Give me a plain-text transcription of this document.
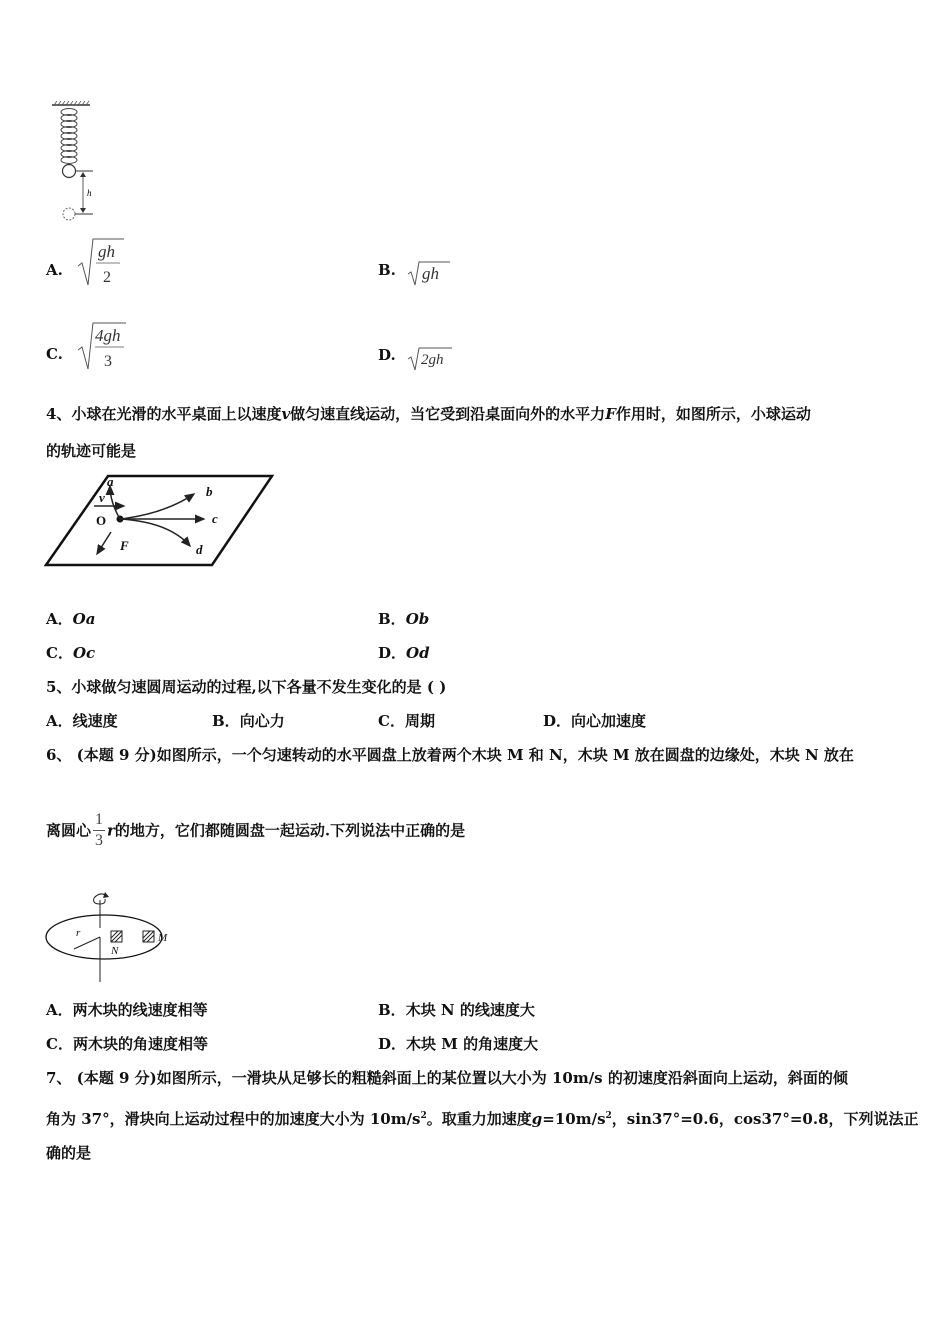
h
A.
gh
2	B. gh
C.
4gh
3	D. 2gh
4、小球在光滑的水平桌面上以速度v做匀速直线运动，当它受到沿桌面向外的水平力F作用时，如图所示，小球运动
的轨迹可能是
v
a
b
c
d
F
O
A．Oa	B．Ob
C．Oc	D．Od
5、小球做匀速圆周运动的过程,以下各量不发生变化的是 ( )
A．线速度	B．向心力	C．周期	D．向心加速度
6、 (本题 9 分)如图所示，一个匀速转动的水平圆盘上放着两个木块 M 和 N，木块 M 放在圆盘的边缘处，木块 N 放在
离圆心 $\frac{1}{3}$ r的地方，它们都随圆盘一起运动.下列说法中正确的是
r
N
M
A．两木块的线速度相等	B．木块 N 的线速度大
C．两木块的角速度相等	D．木块 M 的角速度大
7、 (本题 9 分)如图所示，一滑块从足够长的粗糙斜面上的某位置以大小为 10m/s 的初速度沿斜面向上运动，斜面的倾
角为 37°，滑块向上运动过程中的加速度大小为 $10m/s^2$。取重力加速度$g=10m/s^2$，sin37°=0.6，cos37°=0.8，下列说法正
确的是
